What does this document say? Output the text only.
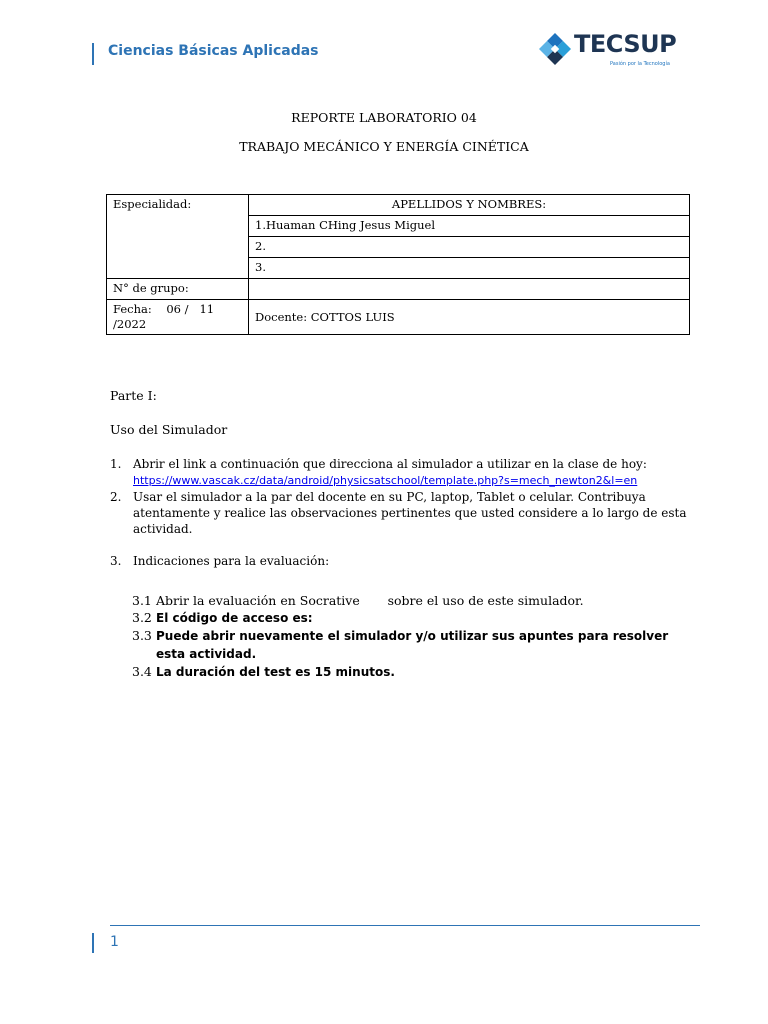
Ciencias Básicas Aplicadas	TECSUP
Pasión por la Tecnología
REPORTE LABORATORIO 04
TRABAJO MECÁNICO Y ENERGÍA CINÉTICA
Especialidad:	APELLIDOS Y NOMBRES:
	1.Huaman CHing Jesus Miguel
	2.
	3.
N° de grupo:	
Fecha:    06 /   11 /2022	Docente: COTTOS LUIS
Parte I:
Uso del Simulador
1. Abrir el link a continuación que direcciona al simulador a utilizar en la clase de hoy:
https://www.vascak.cz/data/android/physicsatschool/template.php?s=mech_newton2&l=en
2. Usar el simulador a la par del docente en su PC, laptop, Tablet o celular. Contribuya atentamente y realice las observaciones pertinentes que usted considere a lo largo de esta actividad.
3. Indicaciones para la evaluación:
3.1 Abrir la evaluación en Socrative       sobre el uso de este simulador.
3.2 El código de acceso es:
3.3 Puede abrir nuevamente el simulador y/o utilizar sus apuntes para resolver esta actividad.
3.4 La duración del test es 15 minutos.
1
